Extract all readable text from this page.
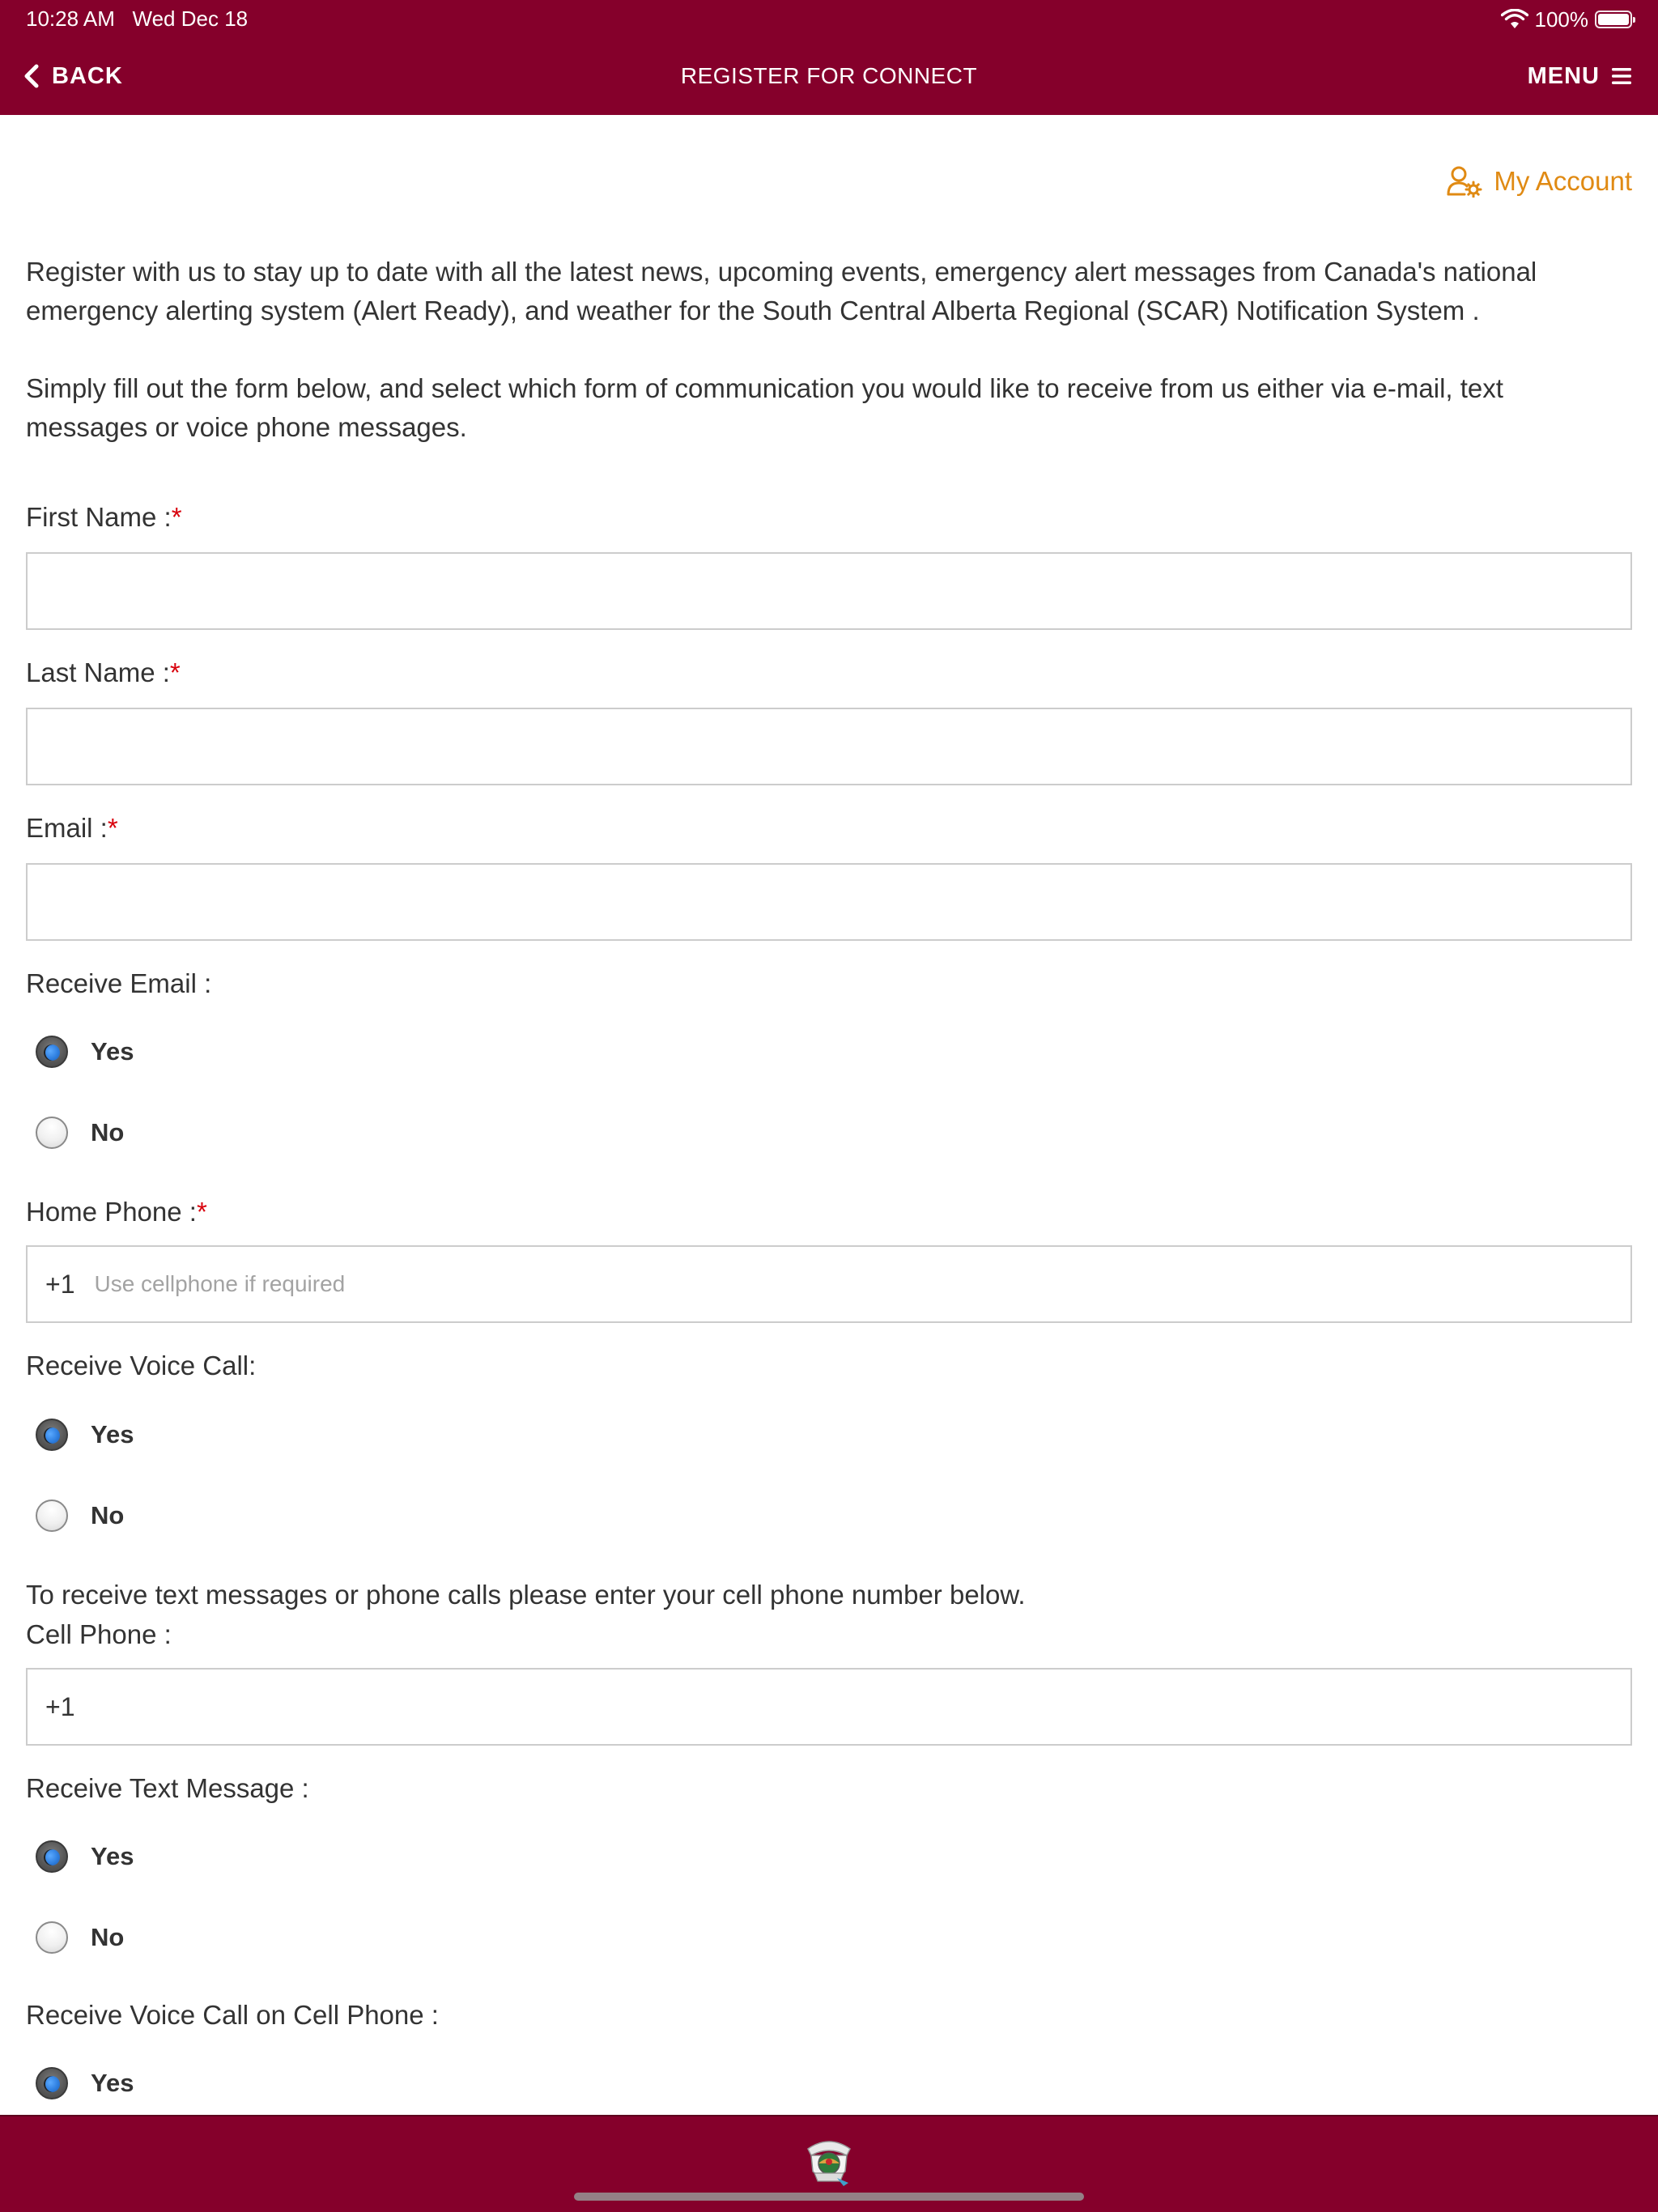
10:28 AM   Wed Dec 18	100%
BACK	REGISTER FOR CONNECT	MENU
My Account
Register with us to stay up to date with all the latest news, upcoming events, emergency alert messages from Canada's national emergency alerting system (Alert Ready), and weather for the South Central Alberta Regional (SCAR) Notification System .
Simply fill out the form below, and select which form of communication you would like to receive from us either via e-mail, text messages or voice phone messages.
First Name :*
Last Name :*
Email :*
Receive Email :
Yes
No
Home Phone :*
+1
Use cellphone if required
Receive Voice Call:
Yes
No
To receive text messages or phone calls please enter your cell phone number below.
Cell Phone :
+1
Receive Text Message :
Yes
No
Receive Voice Call on Cell Phone :
Yes
